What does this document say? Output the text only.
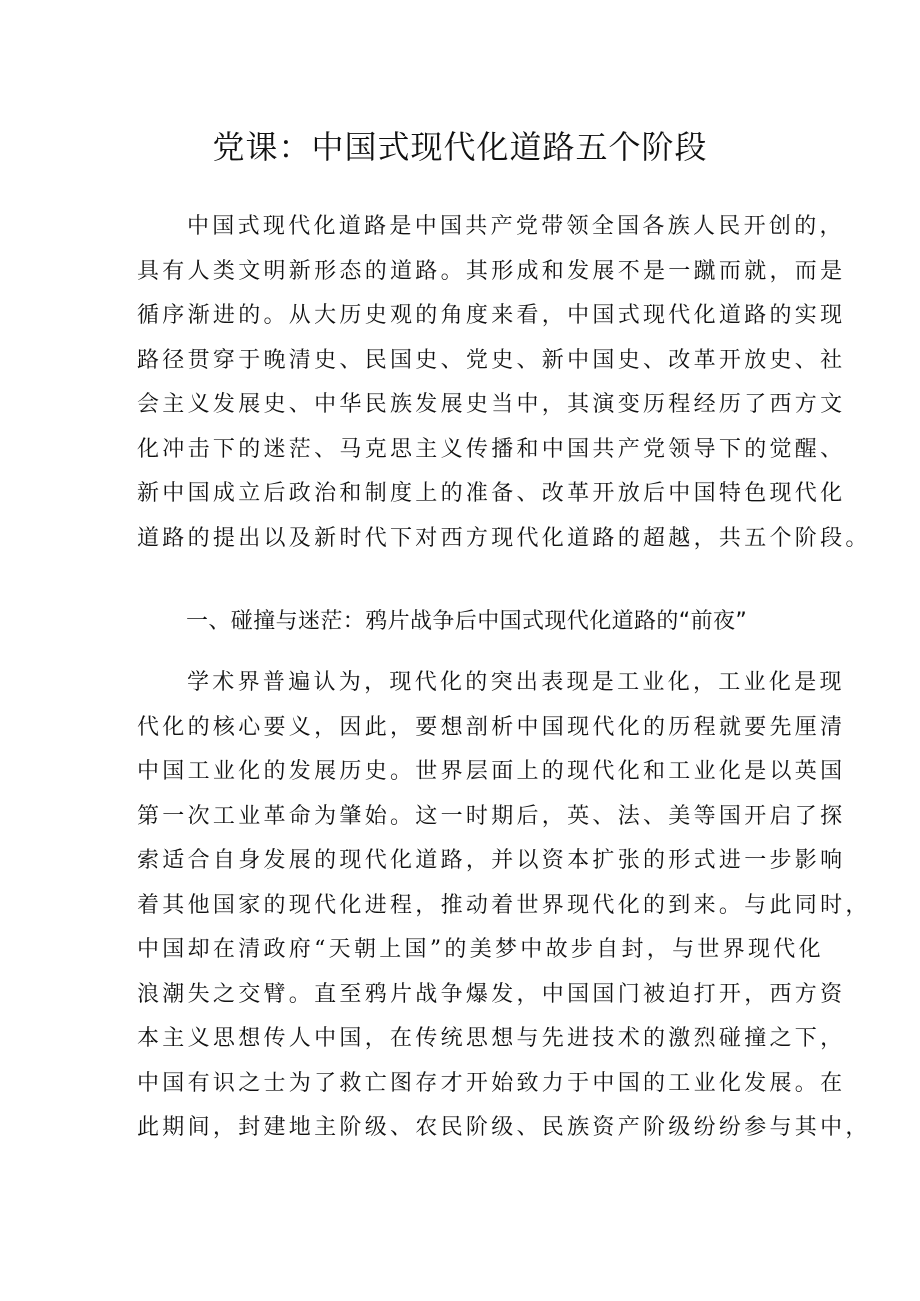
党课：中国式现代化道路五个阶段
中国式现代化道路是中国共产党带领全国各族人民开创的，
具有人类文明新形态的道路。其形成和发展不是一蹴而就，而是
循序渐进的。从大历史观的角度来看，中国式现代化道路的实现
路径贯穿于晚清史、民国史、党史、新中国史、改革开放史、社
会主义发展史、中华民族发展史当中，其演变历程经历了西方文
化冲击下的迷茫、马克思主义传播和中国共产党领导下的觉醒、
新中国成立后政治和制度上的准备、改革开放后中国特色现代化
道路的提出以及新时代下对西方现代化道路的超越，共五个阶段。
一、碰撞与迷茫：鸦片战争后中国式现代化道路的“前夜”
学术界普遍认为，现代化的突出表现是工业化，工业化是现
代化的核心要义，因此，要想剖析中国现代化的历程就要先厘清
中国工业化的发展历史。世界层面上的现代化和工业化是以英国
第一次工业革命为肇始。这一时期后，英、法、美等国开启了探
索适合自身发展的现代化道路，并以资本扩张的形式进一步影响
着其他国家的现代化进程，推动着世界现代化的到来。与此同时，
中国却在清政府“天朝上国”的美梦中故步自封，与世界现代化
浪潮失之交臂。直至鸦片战争爆发，中国国门被迫打开，西方资
本主义思想传人中国，在传统思想与先进技术的激烈碰撞之下，
中国有识之士为了救亡图存才开始致力于中国的工业化发展。在
此期间，封建地主阶级、农民阶级、民族资产阶级纷纷参与其中，
